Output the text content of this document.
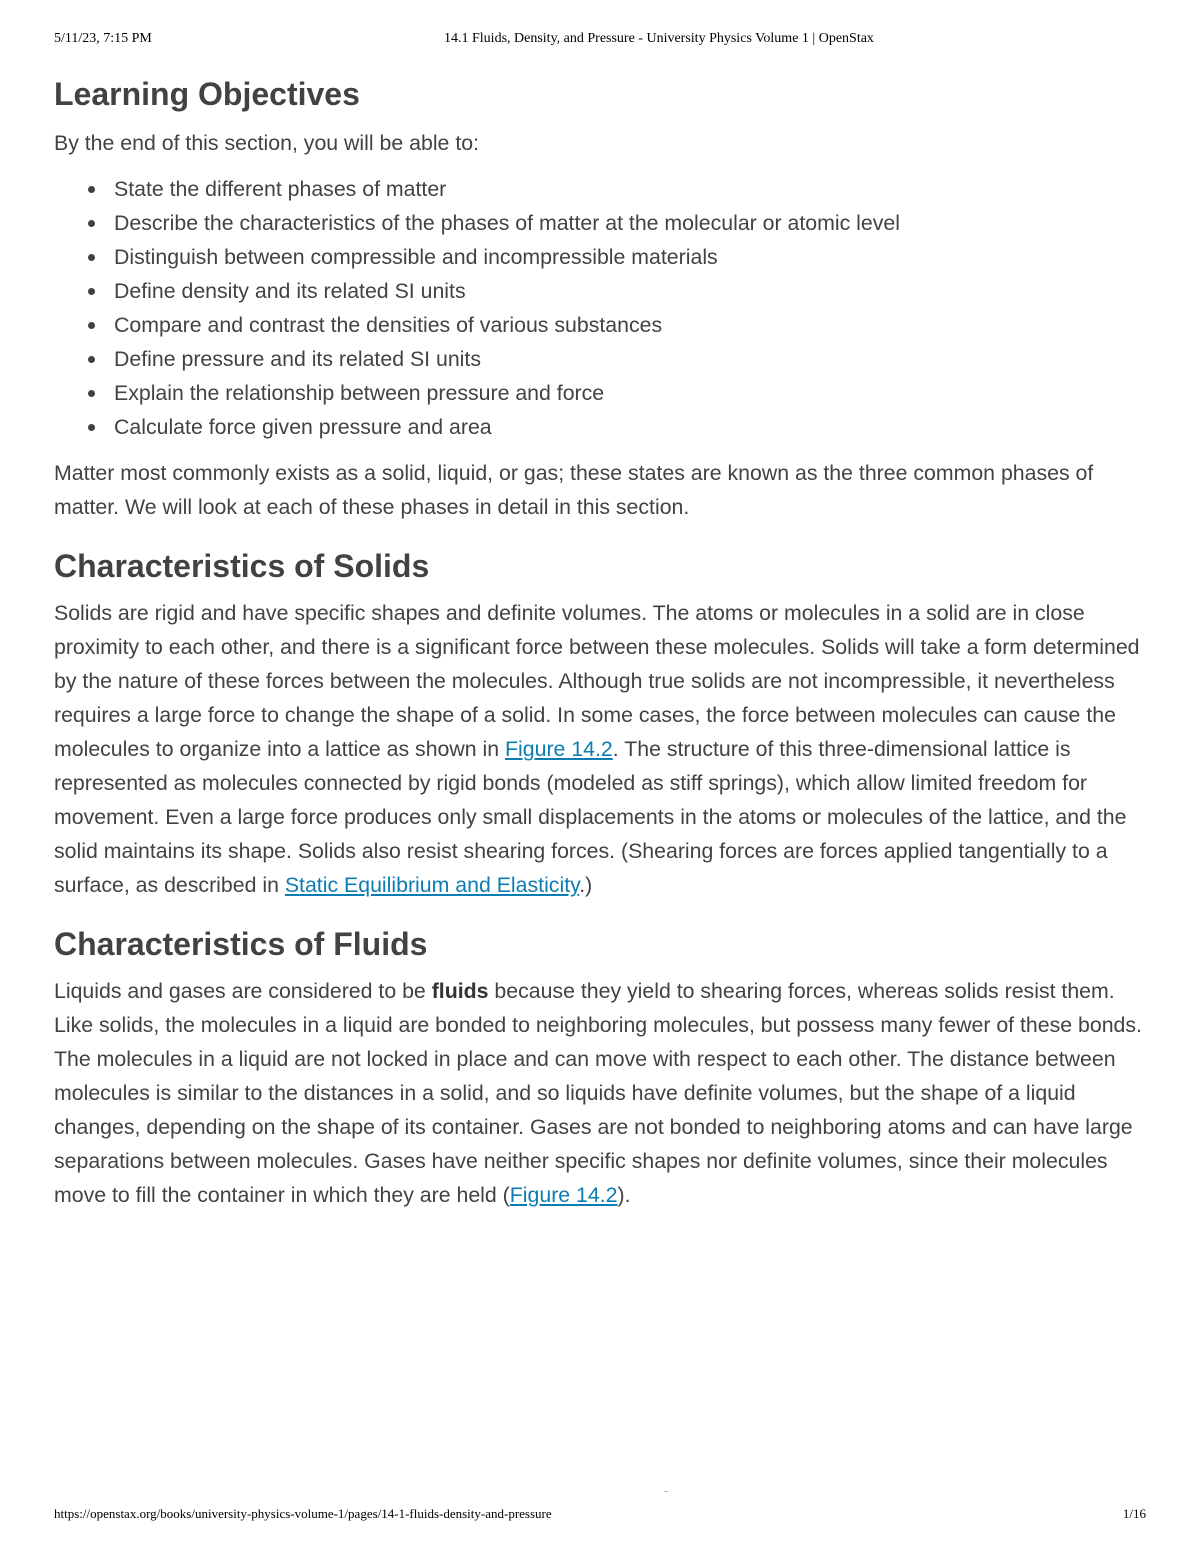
5/11/23, 7:15 PM	14.1 Fluids, Density, and Pressure - University Physics Volume 1 | OpenStax
Learning Objectives

By the end of this section, you will be able to:

State the different phases of matter
Describe the characteristics of the phases of matter at the molecular or atomic level
Distinguish between compressible and incompressible materials
Define density and its related SI units
Compare and contrast the densities of various substances
Define pressure and its related SI units
Explain the relationship between pressure and force
Calculate force given pressure and area

Matter most commonly exists as a solid, liquid, or gas; these states are known as the three common phases of matter. We will look at each of these phases in detail in this section.

Characteristics of Solids

Solids are rigid and have specific shapes and definite volumes. The atoms or molecules in a solid are in close proximity to each other, and there is a significant force between these molecules. Solids will take a form determined by the nature of these forces between the molecules. Although true solids are not incompressible, it nevertheless requires a large force to change the shape of a solid. In some cases, the force between molecules can cause the molecules to organize into a lattice as shown in Figure 14.2. The structure of this three-dimensional lattice is represented as molecules connected by rigid bonds (modeled as stiff springs), which allow limited freedom for movement. Even a large force produces only small displacements in the atoms or molecules of the lattice, and the solid maintains its shape. Solids also resist shearing forces. (Shearing forces are forces applied tangentially to a surface, as described in Static Equilibrium and Elasticity.)

Characteristics of Fluids

Liquids and gases are considered to be fluids because they yield to shearing forces, whereas solids resist them. Like solids, the molecules in a liquid are bonded to neighboring molecules, but possess many fewer of these bonds. The molecules in a liquid are not locked in place and can move with respect to each other. The distance between molecules is similar to the distances in a solid, and so liquids have definite volumes, but the shape of a liquid changes, depending on the shape of its container. Gases are not bonded to neighboring atoms and can have large separations between molecules. Gases have neither specific shapes nor definite volumes, since their molecules move to fill the container in which they are held (Figure 14.2).

https://openstax.org/books/university-physics-volume-1/pages/14-1-fluids-density-and-pressure	1/16
